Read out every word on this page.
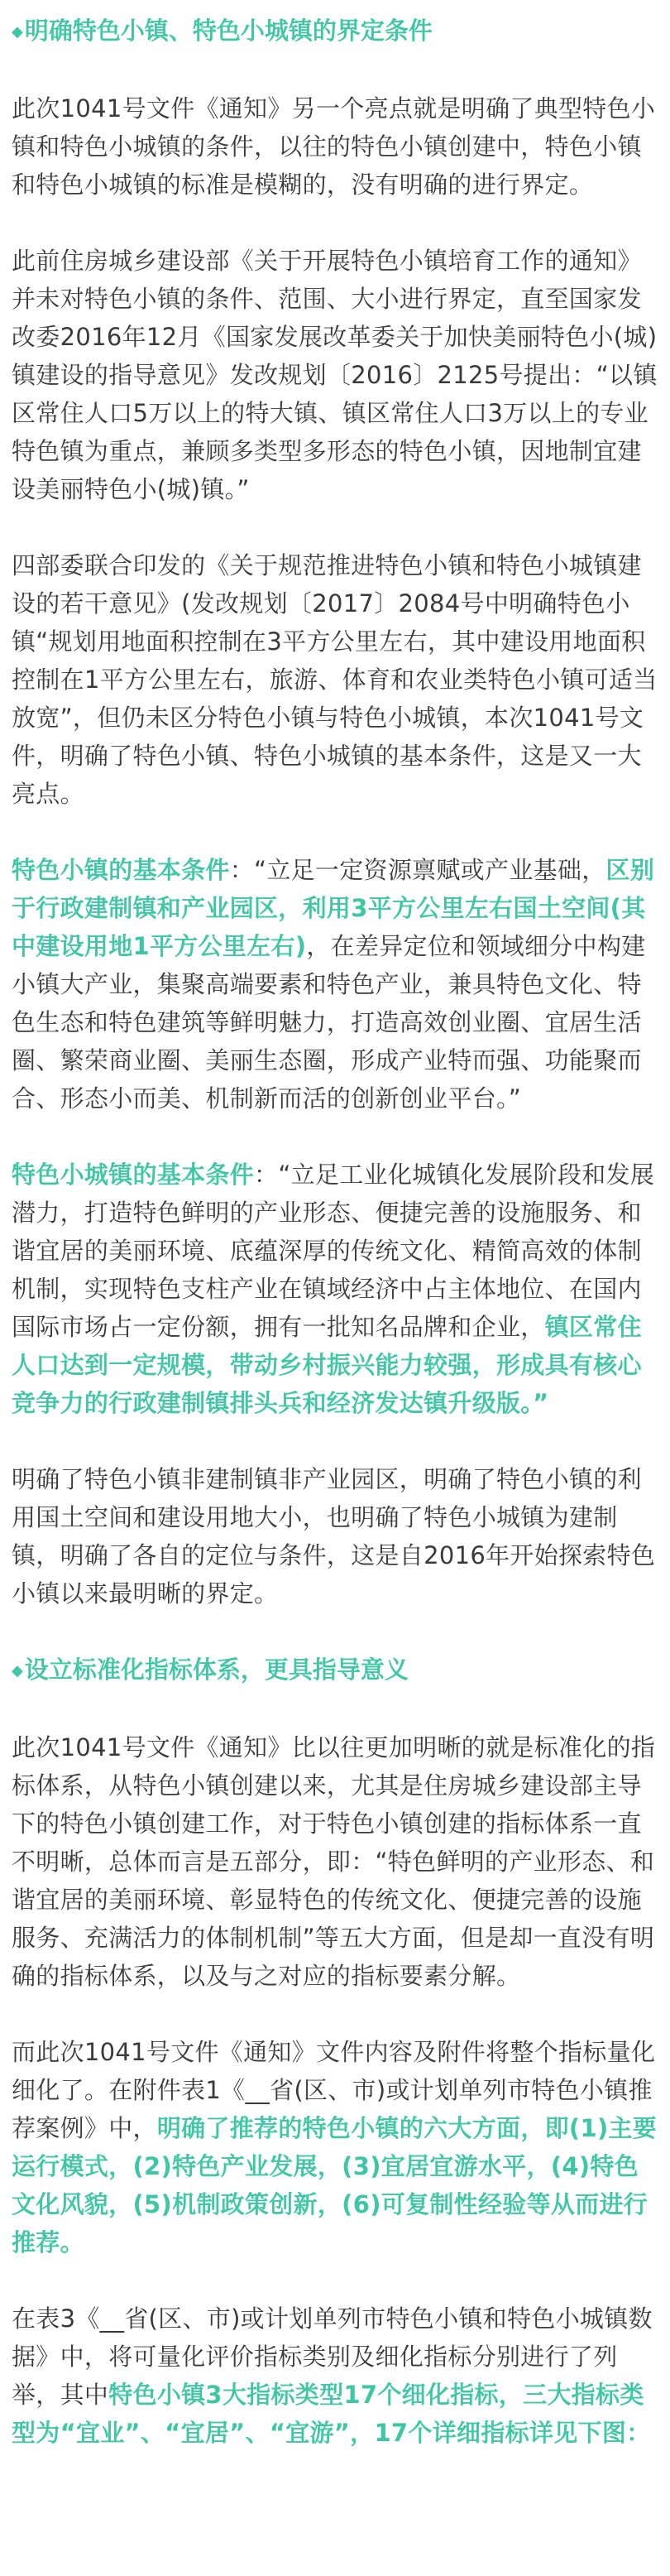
◆明确特色小镇、特色小城镇的界定条件

此次1041号文件《通知》另一个亮点就是明确了典型特色小镇和特色小城镇的条件，以往的特色小镇创建中，特色小镇和特色小城镇的标准是模糊的，没有明确的进行界定。

此前住房城乡建设部《关于开展特色小镇培育工作的通知》并未对特色小镇的条件、范围、大小进行界定，直至国家发改委2016年12月《国家发展改革委关于加快美丽特色小(城)镇建设的指导意见》发改规划〔2016〕2125号提出：“以镇区常住人口5万以上的特大镇、镇区常住人口3万以上的专业特色镇为重点，兼顾多类型多形态的特色小镇，因地制宜建设美丽特色小(城)镇。”

四部委联合印发的《关于规范推进特色小镇和特色小城镇建设的若干意见》(发改规划〔2017〕2084号中明确特色小镇“规划用地面积控制在3平方公里左右，其中建设用地面积控制在1平方公里左右，旅游、体育和农业类特色小镇可适当放宽”，但仍未区分特色小镇与特色小城镇，本次1041号文件，明确了特色小镇、特色小城镇的基本条件，这是又一大亮点。

特色小镇的基本条件：“立足一定资源禀赋或产业基础，区别于行政建制镇和产业园区，利用3平方公里左右国土空间(其中建设用地1平方公里左右)，在差异定位和领域细分中构建小镇大产业，集聚高端要素和特色产业，兼具特色文化、特色生态和特色建筑等鲜明魅力，打造高效创业圈、宜居生活圈、繁荣商业圈、美丽生态圈，形成产业特而强、功能聚而合、形态小而美、机制新而活的创新创业平台。”

特色小城镇的基本条件：“立足工业化城镇化发展阶段和发展潜力，打造特色鲜明的产业形态、便捷完善的设施服务、和谐宜居的美丽环境、底蕴深厚的传统文化、精简高效的体制机制，实现特色支柱产业在镇域经济中占主体地位、在国内国际市场占一定份额，拥有一批知名品牌和企业，镇区常住人口达到一定规模，带动乡村振兴能力较强，形成具有核心竞争力的行政建制镇排头兵和经济发达镇升级版。”

明确了特色小镇非建制镇非产业园区，明确了特色小镇的利用国土空间和建设用地大小，也明确了特色小城镇为建制镇，明确了各自的定位与条件，这是自2016年开始探索特色小镇以来最明晰的界定。

◆设立标准化指标体系，更具指导意义

此次1041号文件《通知》比以往更加明晰的就是标准化的指标体系，从特色小镇创建以来，尤其是住房城乡建设部主导下的特色小镇创建工作，对于特色小镇创建的指标体系一直不明晰，总体而言是五部分，即：“特色鲜明的产业形态、和谐宜居的美丽环境、彰显特色的传统文化、便捷完善的设施服务、充满活力的体制机制”等五大方面，但是却一直没有明确的指标体系，以及与之对应的指标要素分解。

而此次1041号文件《通知》文件内容及附件将整个指标量化细化了。在附件表1《__省(区、市)或计划单列市特色小镇推荐案例》中，明确了推荐的特色小镇的六大方面，即(1)主要运行模式，(2)特色产业发展，(3)宜居宜游水平，(4)特色文化风貌，(5)机制政策创新，(6)可复制性经验等从而进行推荐。

在表3《__省(区、市)或计划单列市特色小镇和特色小城镇数据》中，将可量化评价指标类别及细化指标分别进行了列举，其中特色小镇3大指标类型17个细化指标，三大指标类型为“宜业”、“宜居”、“宜游”，17个详细指标详见下图：
